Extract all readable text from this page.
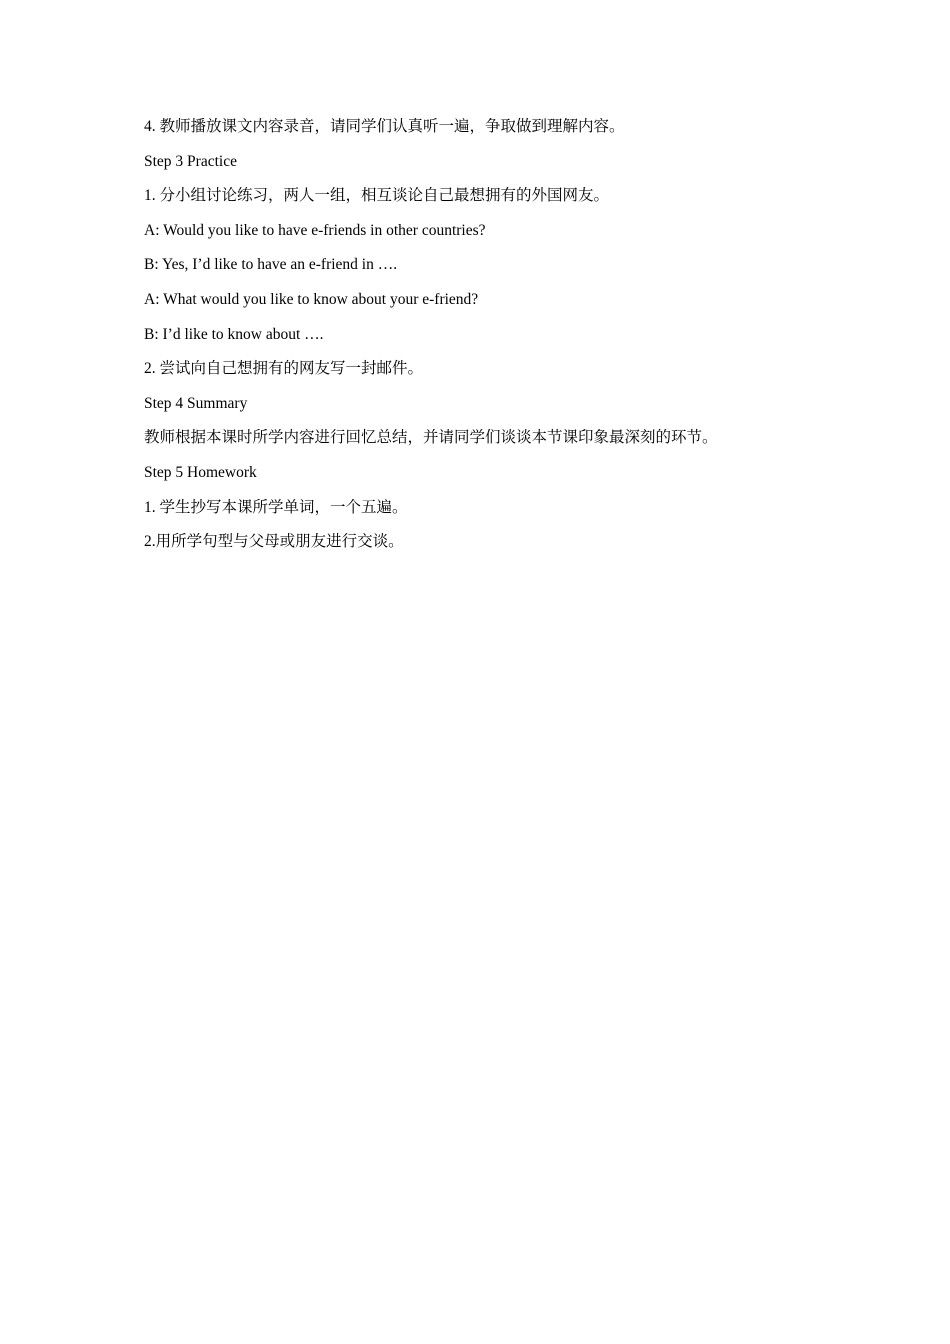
4. 教师播放课文内容录音，请同学们认真听一遍，争取做到理解内容。
Step 3 Practice
1. 分小组讨论练习，两人一组，相互谈论自己最想拥有的外国网友。
A: Would you like to have e-friends in other countries?
B: Yes, I’d like to have an e-friend in ….
A: What would you like to know about your e-friend?
B: I’d like to know about ….
2. 尝试向自己想拥有的网友写一封邮件。
Step 4 Summary
教师根据本课时所学内容进行回忆总结，并请同学们谈谈本节课印象最深刻的环节。
Step 5 Homework
1. 学生抄写本课所学单词，一个五遍。
2.用所学句型与父母或朋友进行交谈。
